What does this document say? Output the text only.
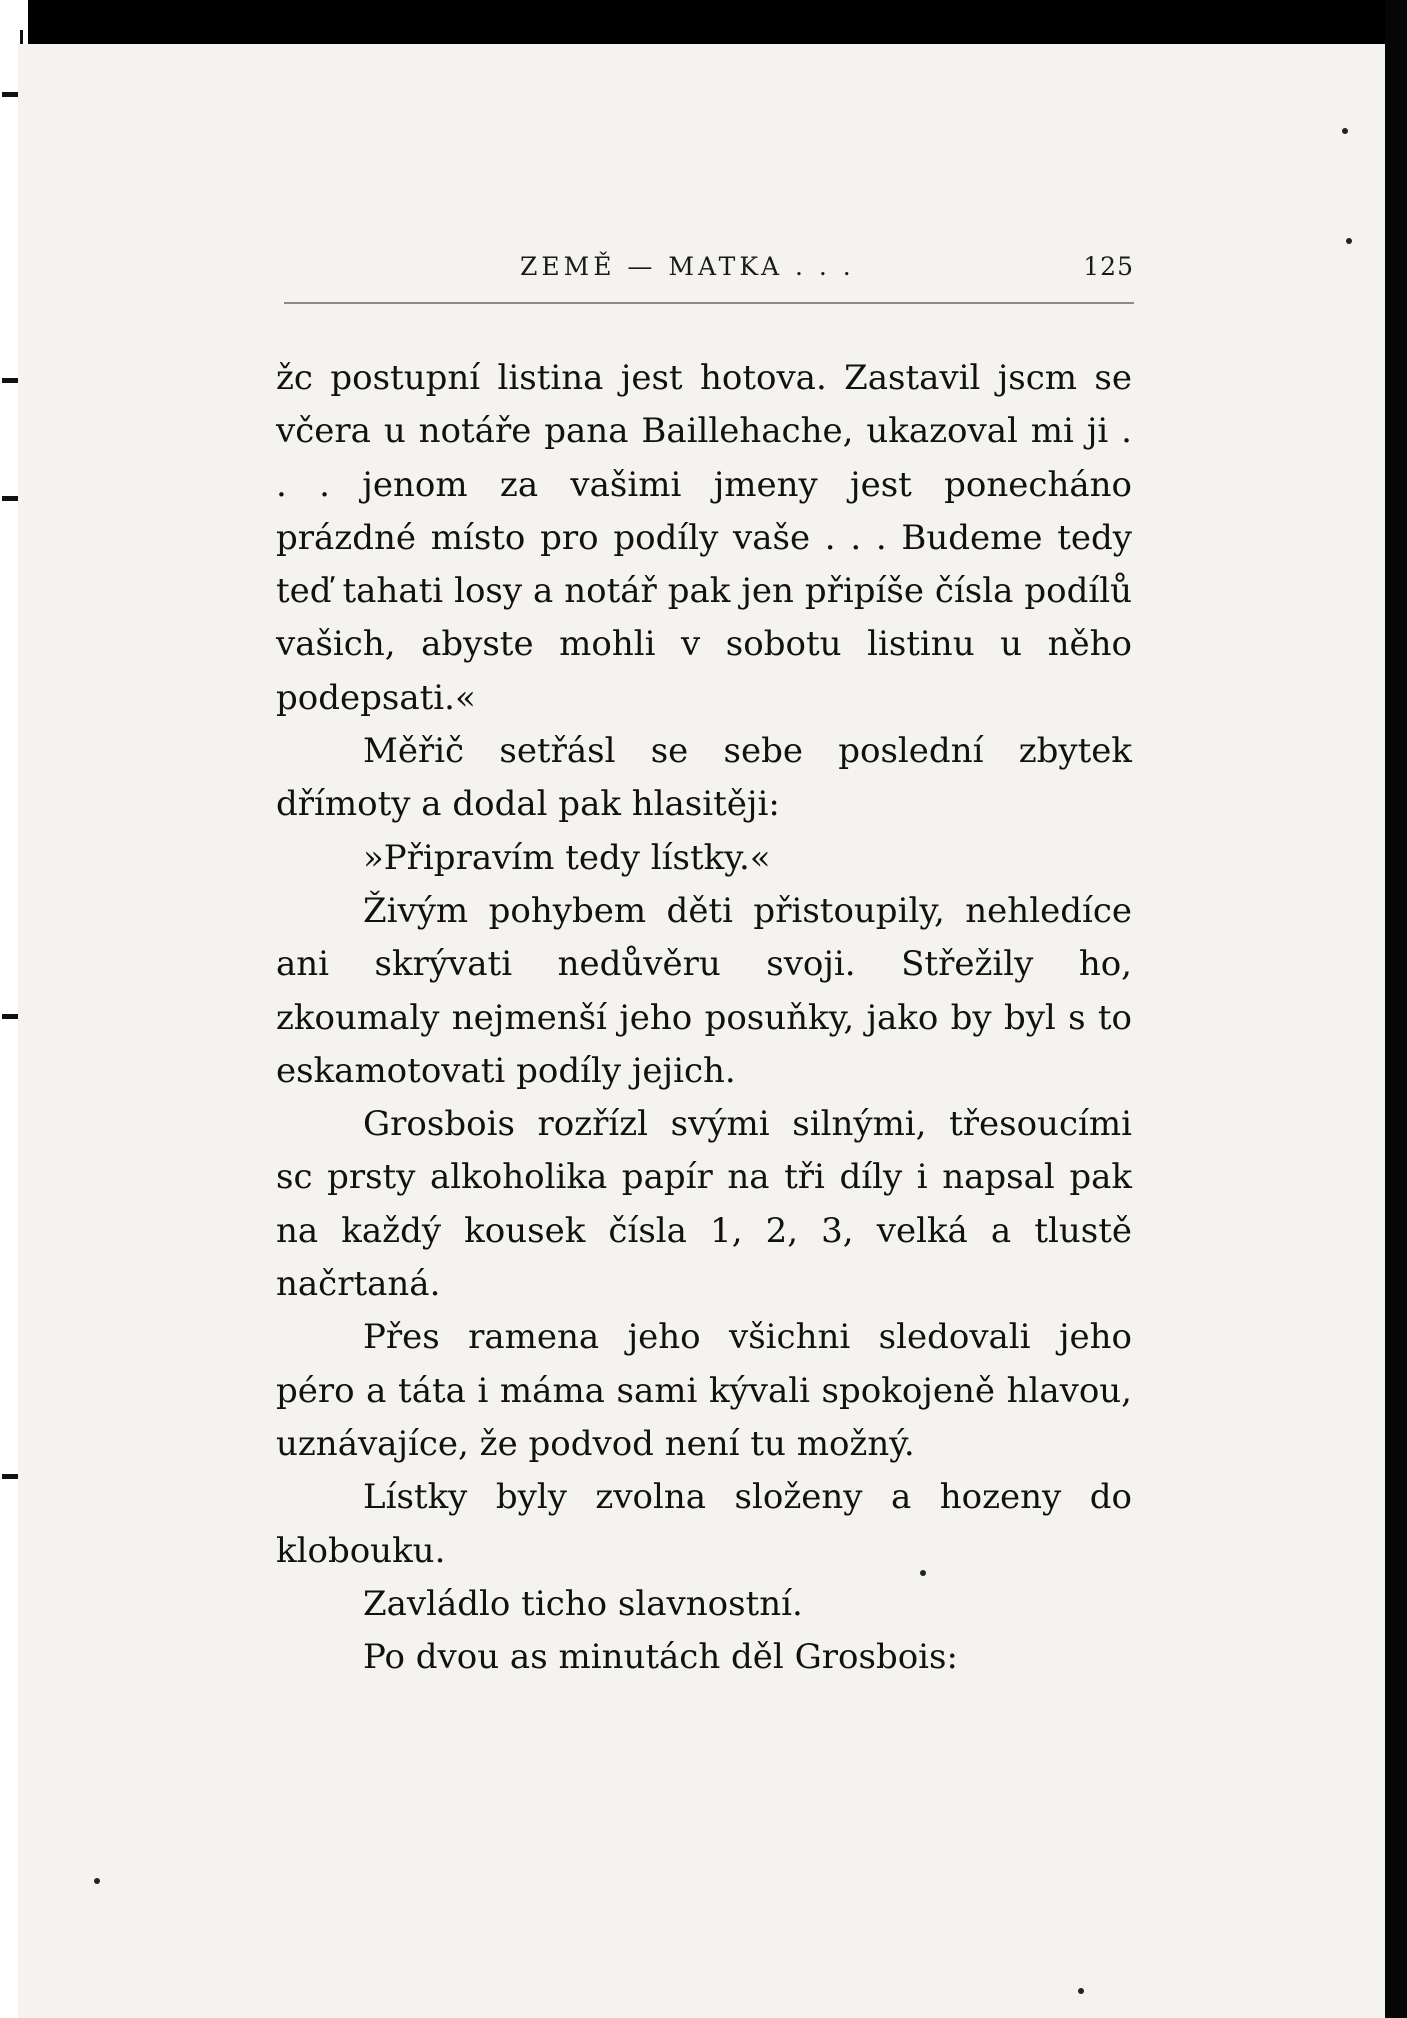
ZEMĚ — MATKA . . .	125

žc postupní listina jest hotova. Zastavil jscm se včera u notáře pana Baillehache, ukazoval mi ji . . . jenom za vašimi jmeny jest ponecháno prázdné místo pro podíly vaše . . . Budeme tedy teď tahati losy a notář pak jen připíše čísla podílů vašich, abyste mohli v sobotu listinu u něho podepsati.«

Měřič setřásl se sebe poslední zbytek dřímoty a dodal pak hlasitěji:

»Připravím tedy lístky.«

Živým pohybem děti přistoupily, nehledíce ani skrývati nedůvěru svoji. Střežily ho, zkoumaly nejmenší jeho posuňky, jako by byl s to eskamotovati podíly jejich.

Grosbois rozřízl svými silnými, třesoucími sc prsty alkoholika papír na tři díly i napsal pak na každý kousek čísla 1, 2, 3, velká a tlustě načrtaná.

Přes ramena jeho všichni sledovali jeho péro a táta i máma sami kývali spokojeně hlavou, uznávajíce, že podvod není tu možný.

Lístky byly zvolna složeny a hozeny do klobouku.

Zavládlo ticho slavnostní.

Po dvou as minutách děl Grosbois:
